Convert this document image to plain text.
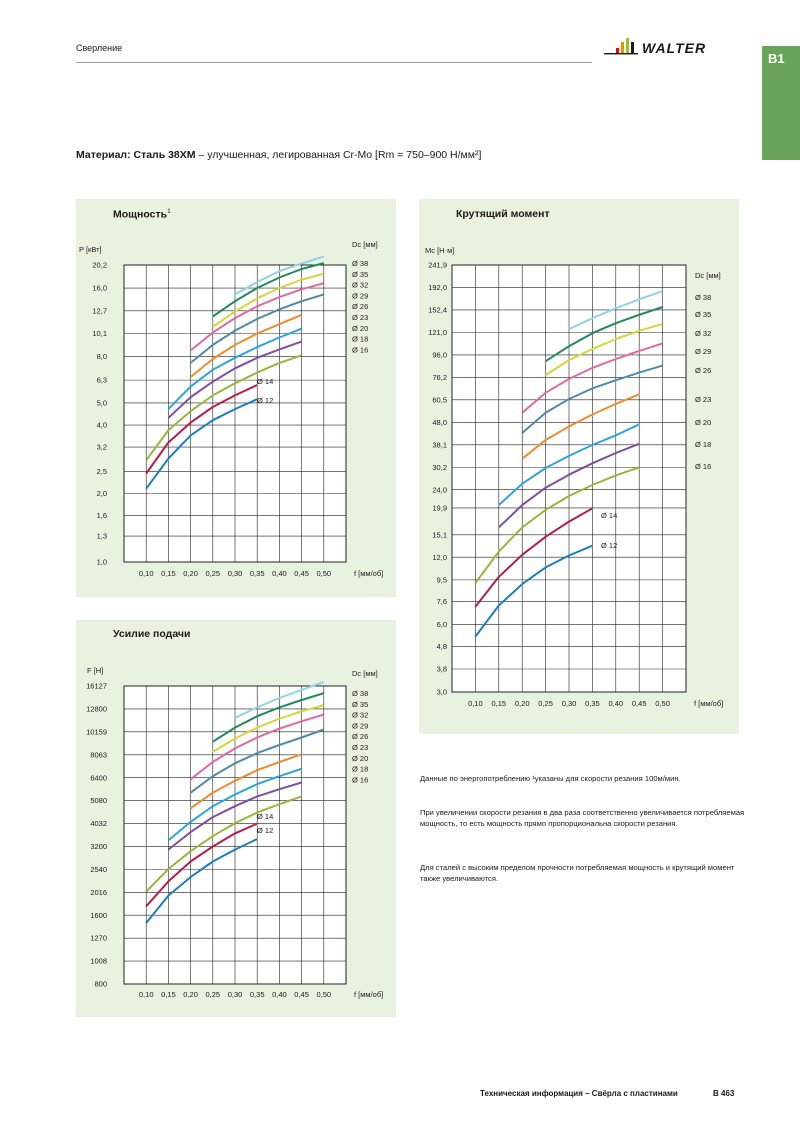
Сверление	WALTER
B1
Материал: Сталь 38ХМ – улучшенная, легированная Cr-Mo [Rm = 750–900 Н/мм²]
Мощность$^1$	Крутящий момент
Усилие подачи
P [кВт]	Mc [H·м]
F [Н]
0,10 0,15 0,20 0,25 0,30 0,35 0,40 0,45 0,50
1,0
1,3
1,6
2,0
2,5
3,2
4,0
5,0
6,3
8,0
10,1
12,7
16,0
20,2
f [мм/об]
Dc [мм]
Ø 38
Ø 35
Ø 32
Ø 29
Ø 26
Ø 23
Ø 20
Ø 18
Ø 16
Ø 14
Ø 12
0,10 0,15 0,20 0,25 0,30 0,35 0,40 0,45 0,50
3,0
3,8
4,8
6,0
7,6
9,5
12,0
15,1
19,9
24,0
30,2
38,1
48,0
60,5
76,2
96,0
121,0
152,4
192,0
241,9
f [мм/об]
Dc [мм]
Ø 38
Ø 35
Ø 32
Ø 29
Ø 26
Ø 23
Ø 20
Ø 18
Ø 16
Ø 14
Ø 12
0,10 0,15 0,20 0,25 0,30 0,35 0,40 0,45 0,50
800
1008
1270
1600
2016
2540
3200
4032
5080
6400
8063
10159
12800
16127
f [мм/об]
Dc [мм]
Ø 38
Ø 35
Ø 32
Ø 29
Ø 26
Ø 23
Ø 20
Ø 18
Ø 16
Ø 14
Ø 12
Данные по энергопотреблению ¹указаны для скорости резания 100м/мин.
При увеличении скорости резания в два раза соответственно увеличивается потребляемая мощность, то есть мощность прямо пропорциональна скорости резания.
Для сталей с высоким пределом прочности потребляемая мощность и крутящий момент также увеличиваются.
Техническая информация – Свёрла с пластинами	B 463
